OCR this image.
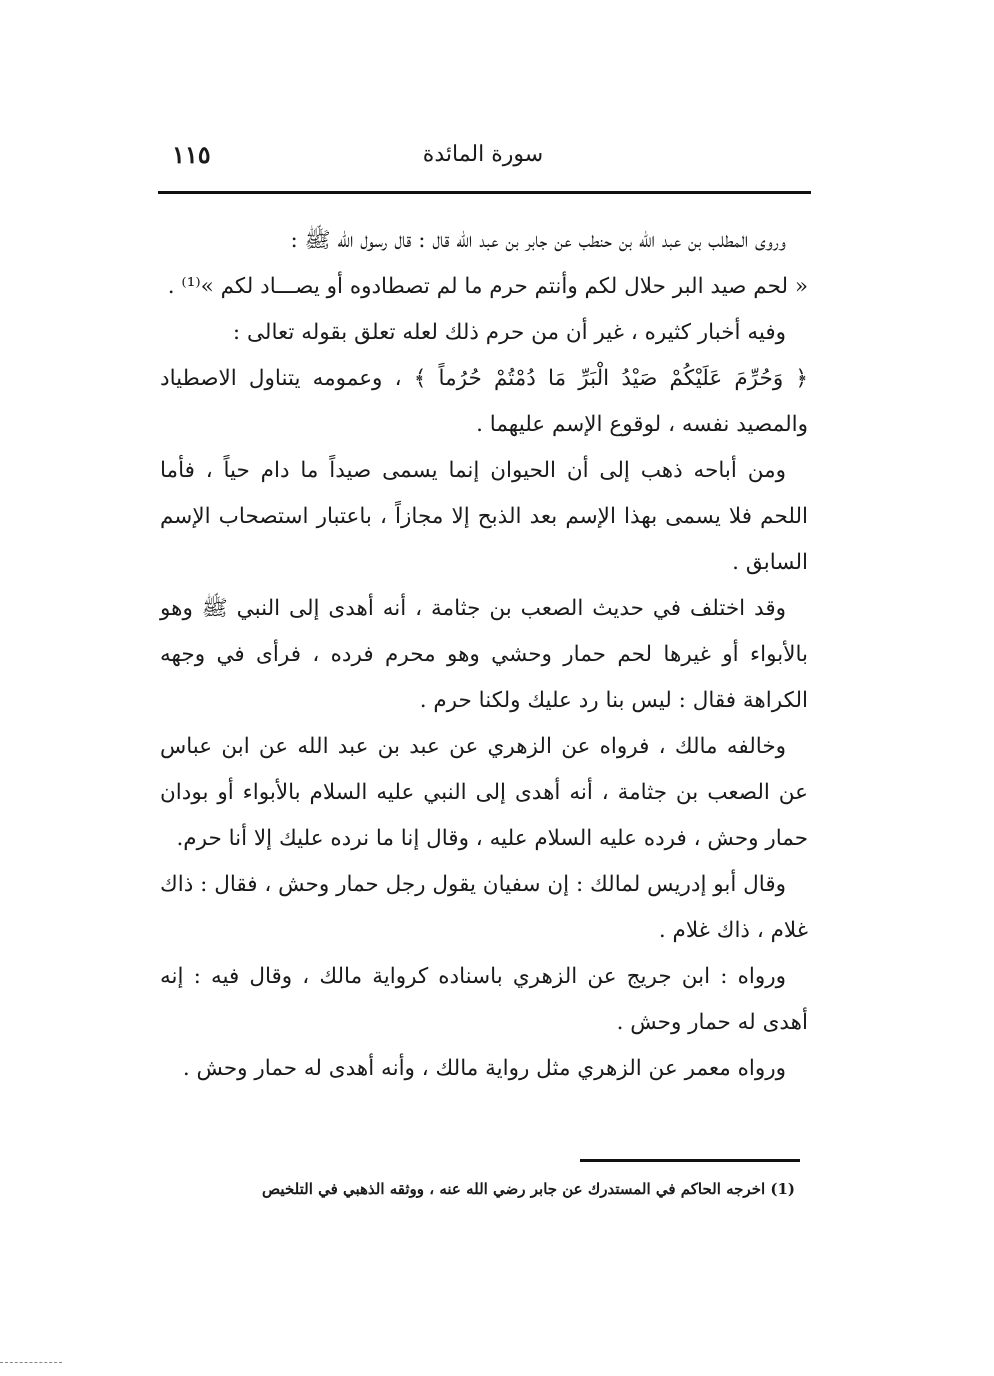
سورة المائدة
١١٥

وروى المطلب بن عبد الله بن حنطب عن جابر بن عبد الله قال : قال رسول الله ﷺ :

« لحم صيد البر حلال لكم وأنتم حرم ما لم تصطادوه أو يصـــاد لكم »⁽¹⁾ .

وفيه أخبار كثيره ، غير أن من حرم ذلك لعله تعلق بقوله تعالى :

﴿ وَحُرِّمَ عَلَيْكُمْ صَيْدُ الْبَرِّ مَا دُمْتُمْ حُرُماً ﴾ ، وعمومه يتناول الاصطياد والمصيد نفسه ، لوقوع الإسم عليهما .

ومن أباحه ذهب إلى أن الحيوان إنما يسمى صيداً ما دام حياً ، فأما اللحم فلا يسمى بهذا الإسم بعد الذبح إلا مجازاً ، باعتبار استصحاب الإسم السابق .

وقد اختلف في حديث الصعب بن جثامة ، أنه أهدى إلى النبي ﷺ وهو بالأبواء أو غيرها لحم حمار وحشي وهو محرم فرده ، فرأى في وجهه الكراهة فقال : ليس بنا رد عليك ولكنا حرم .

وخالفه مالك ، فرواه عن الزهري عن عبد بن عبد الله عن ابن عباس عن الصعب بن جثامة ، أنه أهدى إلى النبي عليه السلام بالأبواء أو بودان حمار وحش ، فرده عليه السلام عليه ، وقال إنا ما نرده عليك إلا أنا حرم.

وقال أبو إدريس لمالك : إن سفيان يقول رجل حمار وحش ، فقال : ذاك غلام ، ذاك غلام .

ورواه : ابن جريج عن الزهري باسناده كرواية مالك ، وقال فيه : إنه أهدى له حمار وحش .

ورواه معمر عن الزهري مثل رواية مالك ، وأنه أهدى له حمار وحش .

(1) اخرجه الحاكم في المستدرك عن جابر رضي الله عنه ، ووثقه الذهبي في التلخيص
